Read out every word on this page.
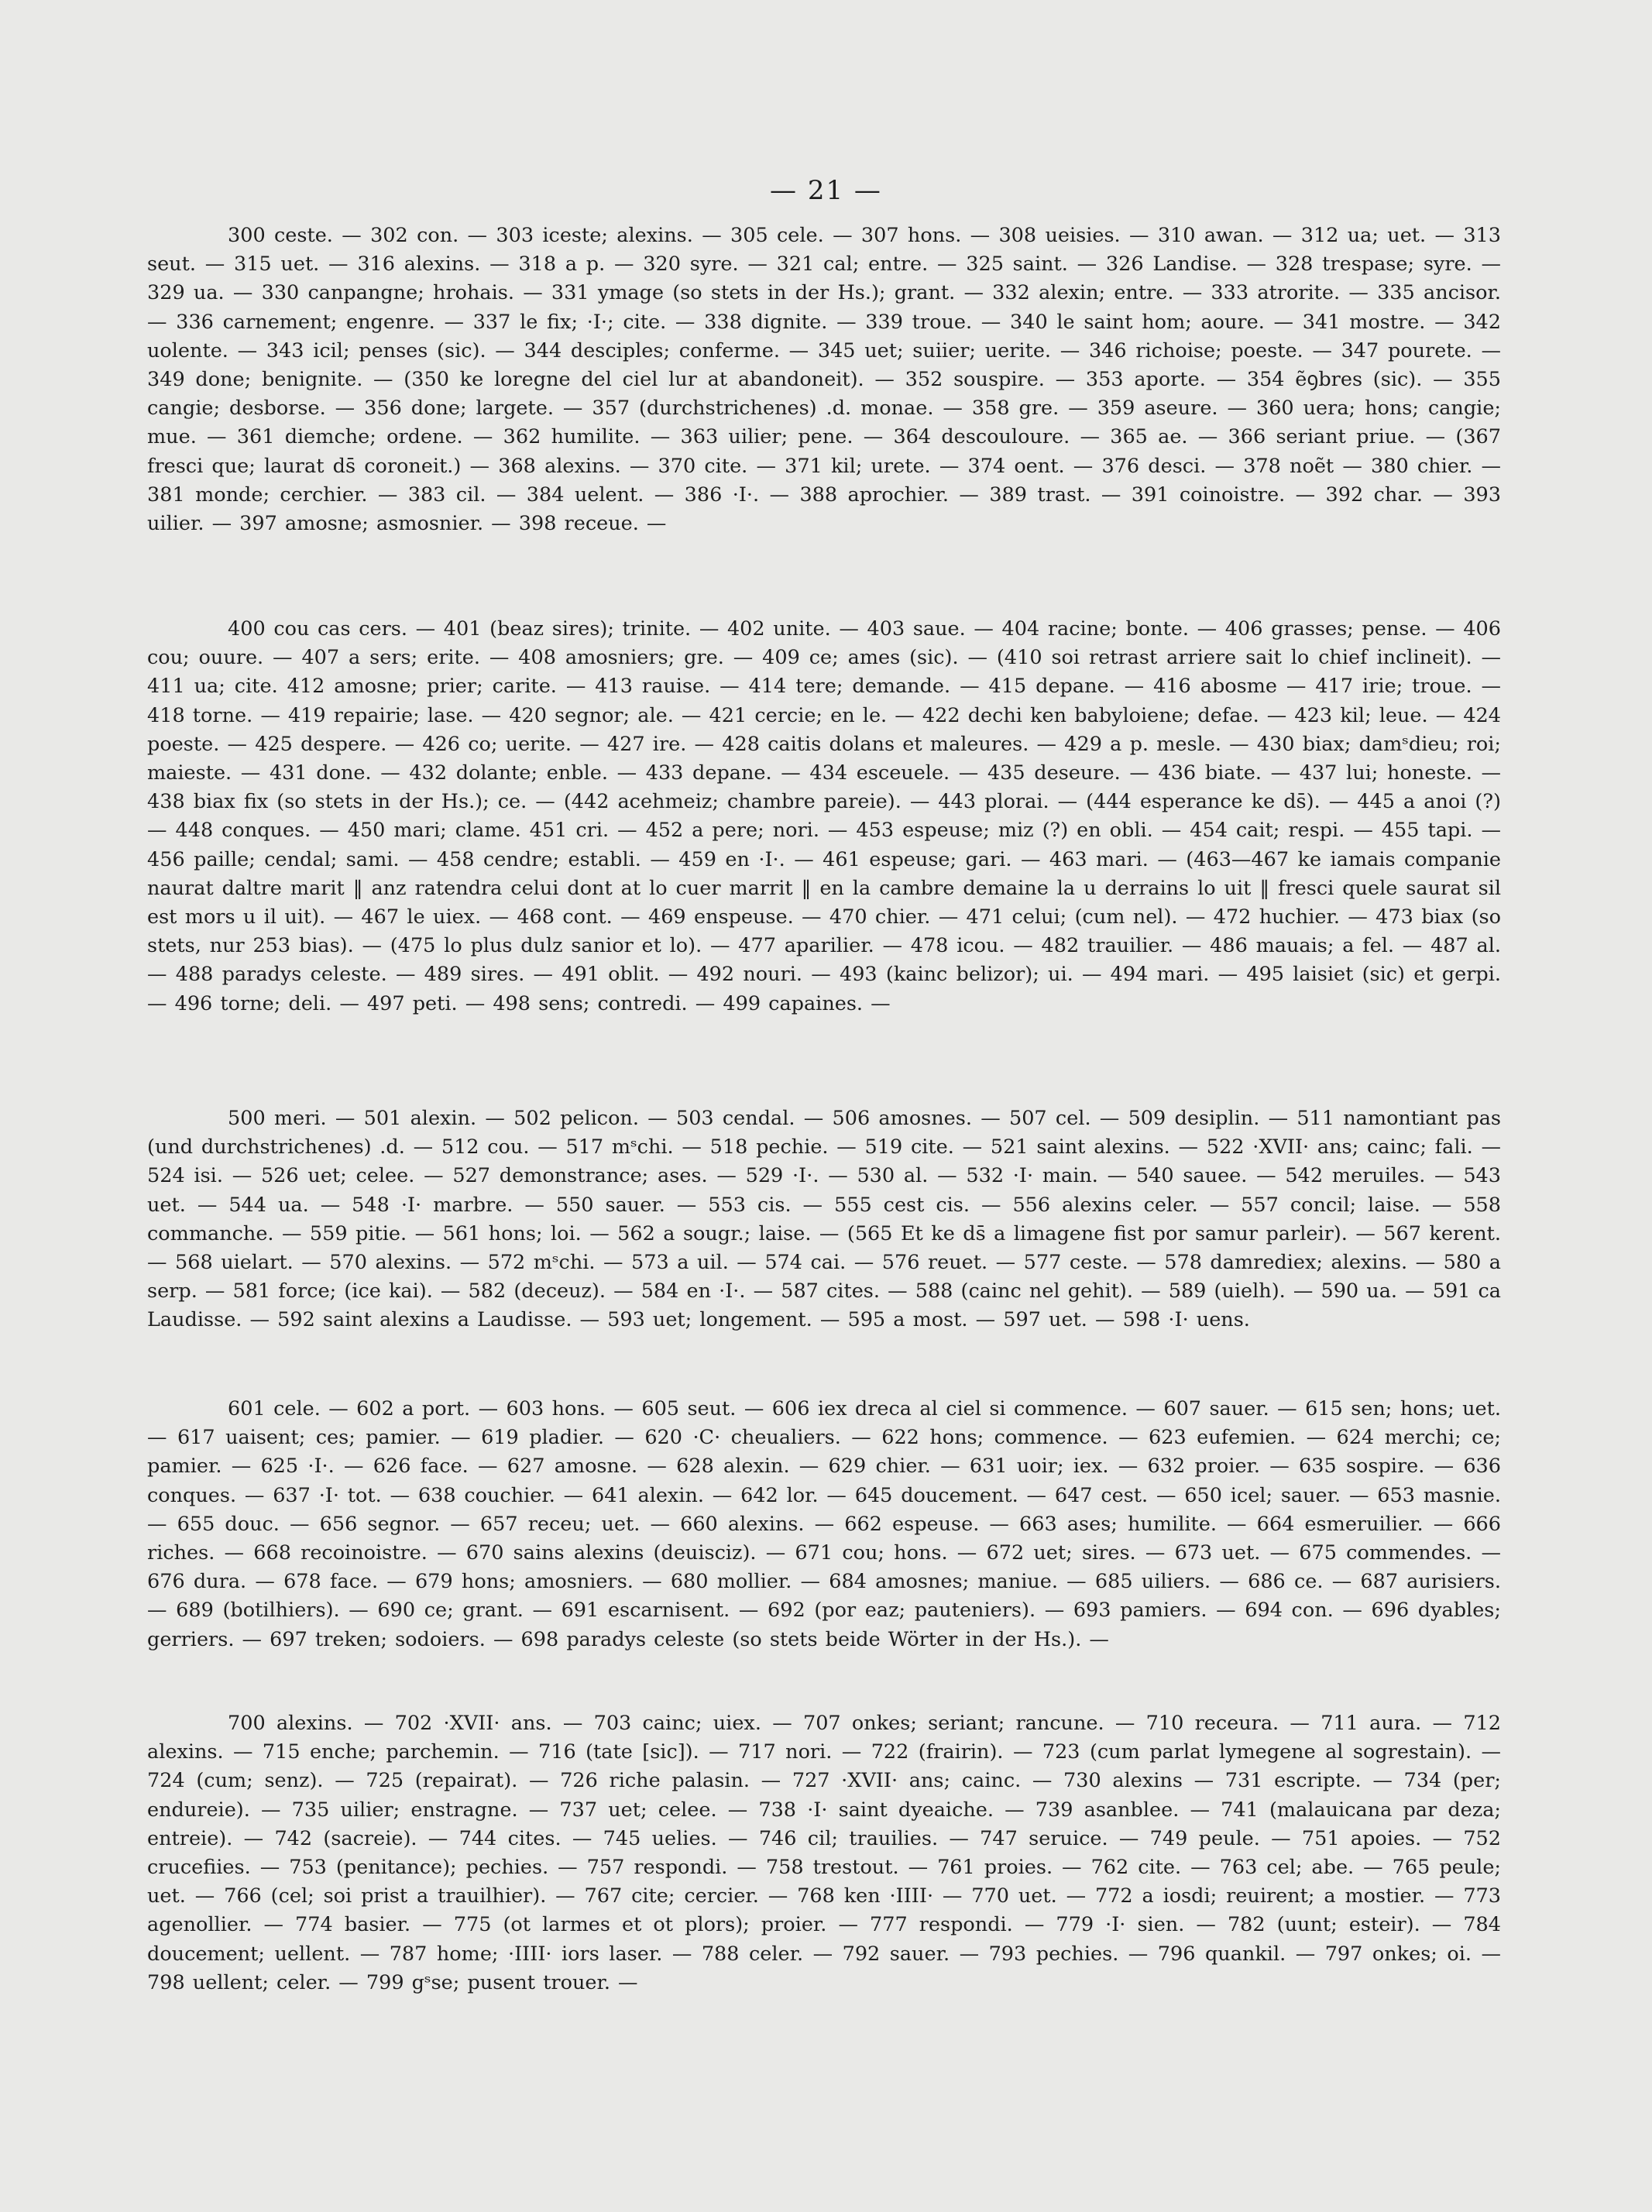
— 21 —

300 ceste. — 302 con. — 303 iceste; alexins. — 305 cele. — 307 hons. — 308 ueisies. — 310 awan. — 312 ua; uet. — 313 seut. — 315 uet. — 316 alexins. — 318 a p. — 320 syre. — 321 cal; entre. — 325 saint. — 326 Landise. — 328 trespase; syre. — 329 ua. — 330 canpangne; hrohais. — 331 ymage (so stets in der Hs.); grant. — 332 alexin; entre. — 333 atrorite. — 335 ancisor. — 336 carnement; engenre. — 337 le fix; ·I·; cite. — 338 dignite. — 339 troue. — 340 le saint hom; aoure. — 341 mostre. — 342 uolente. — 343 icil; penses (sic). — 344 desciples; conferme. — 345 uet; suiier; uerite. — 346 richoise; poeste. — 347 pourete. — 349 done; benignite. — (350 ke loregne del ciel lur at abandoneit). — 352 souspire. — 353 aporte. — 354 ẽꝯbres (sic). — 355 cangie; desborse. — 356 done; largete. — 357 (durchstrichenes) .d. monae. — 358 gre. — 359 aseure. — 360 uera; hons; cangie; mue. — 361 diemche; ordene. — 362 humilite. — 363 uilier; pene. — 364 descouloure. — 365 ae. — 366 seriant priue. — (367 fresci que; laurat ds̄ coroneit.) — 368 alexins. — 370 cite. — 371 kil; urete. — 374 oent. — 376 desci. — 378 noẽt — 380 chier. — 381 monde; cerchier. — 383 cil. — 384 uelent. — 386 ·I·. — 388 aprochier. — 389 trast. — 391 coinoistre. — 392 char. — 393 uilier. — 397 amosne; asmosnier. — 398 receue. —

400 cou cas cers. — 401 (beaz sires); trinite. — 402 unite. — 403 saue. — 404 racine; bonte. — 406 grasses; pense. — 406 cou; ouure. — 407 a sers; erite. — 408 amosniers; gre. — 409 ce; ames (sic). — (410 soi retrast arriere sait lo chief inclineit). — 411 ua; cite. 412 amosne; prier; carite. — 413 rauise. — 414 tere; demande. — 415 depane. — 416 abosme — 417 irie; troue. — 418 torne. — 419 repairie; lase. — 420 segnor; ale. — 421 cercie; en le. — 422 dechi ken babyloiene; defae. — 423 kil; leue. — 424 poeste. — 425 despere. — 426 co; uerite. — 427 ire. — 428 caitis dolans et maleures. — 429 a p. mesle. — 430 biax; damˢdieu; roi; maieste. — 431 done. — 432 dolante; enble. — 433 depane. — 434 esceuele. — 435 deseure. — 436 biate. — 437 lui; honeste. — 438 biax fix (so stets in der Hs.); ce. — (442 acehmeiz; chambre pareie). — 443 plorai. — (444 esperance ke ds̄). — 445 a anoi (?) — 448 conques. — 450 mari; clame. 451 cri. — 452 a pere; nori. — 453 espeuse; miz (?) en obli. — 454 cait; respi. — 455 tapi. — 456 paille; cendal; sami. — 458 cendre; establi. — 459 en ·I·. — 461 espeuse; gari. — 463 mari. — (463—467 ke iamais companie naurat daltre marit ‖ anz ratendra celui dont at lo cuer marrit ‖ en la cambre demaine la u derrains lo uit ‖ fresci quele saurat sil est mors u il uit). — 467 le uiex. — 468 cont. — 469 enspeuse. — 470 chier. — 471 celui; (cum nel). — 472 huchier. — 473 biax (so stets, nur 253 bias). — (475 lo plus dulz sanior et lo). — 477 aparilier. — 478 icou. — 482 trauilier. — 486 mauais; a fel. — 487 al. — 488 paradys celeste. — 489 sires. — 491 oblit. — 492 nouri. — 493 (kainc belizor); ui. — 494 mari. — 495 laisiet (sic) et gerpi. — 496 torne; deli. — 497 peti. — 498 sens; contredi. — 499 capaines. —

500 meri. — 501 alexin. — 502 pelicon. — 503 cendal. — 506 amosnes. — 507 cel. — 509 desiplin. — 511 namontiant pas (und durchstrichenes) .d. — 512 cou. — 517 mˢchi. — 518 pechie. — 519 cite. — 521 saint alexins. — 522 ·XVII· ans; cainc; fali. — 524 isi. — 526 uet; celee. — 527 demonstrance; ases. — 529 ·I·. — 530 al. — 532 ·I· main. — 540 sauee. — 542 meruiles. — 543 uet. — 544 ua. — 548 ·I· marbre. — 550 sauer. — 553 cis. — 555 cest cis. — 556 alexins celer. — 557 concil; laise. — 558 commanche. — 559 pitie. — 561 hons; loi. — 562 a sougr.; laise. — (565 Et ke ds̄ a limagene fist por samur parleir). — 567 kerent. — 568 uielart. — 570 alexins. — 572 mˢchi. — 573 a uil. — 574 cai. — 576 reuet. — 577 ceste. — 578 damrediex; alexins. — 580 a serp. — 581 force; (ice kai). — 582 (deceuz). — 584 en ·I·. — 587 cites. — 588 (cainc nel gehit). — 589 (uielh). — 590 ua. — 591 ca Laudisse. — 592 saint alexins a Laudisse. — 593 uet; longement. — 595 a most. — 597 uet. — 598 ·I· uens.

601 cele. — 602 a port. — 603 hons. — 605 seut. — 606 iex dreca al ciel si commence. — 607 sauer. — 615 sen; hons; uet. — 617 uaisent; ces; pamier. — 619 pladier. — 620 ·C· cheualiers. — 622 hons; commence. — 623 eufemien. — 624 merchi; ce; pamier. — 625 ·I·. — 626 face. — 627 amosne. — 628 alexin. — 629 chier. — 631 uoir; iex. — 632 proier. — 635 sospire. — 636 conques. — 637 ·I· tot. — 638 couchier. — 641 alexin. — 642 lor. — 645 doucement. — 647 cest. — 650 icel; sauer. — 653 masnie. — 655 douc. — 656 segnor. — 657 receu; uet. — 660 alexins. — 662 espeuse. — 663 ases; humilite. — 664 esmeruilier. — 666 riches. — 668 recoinoistre. — 670 sains alexins (deuisciz). — 671 cou; hons. — 672 uet; sires. — 673 uet. — 675 commendes. — 676 dura. — 678 face. — 679 hons; amosniers. — 680 mollier. — 684 amosnes; maniue. — 685 uiliers. — 686 ce. — 687 aurisiers. — 689 (botilhiers). — 690 ce; grant. — 691 escarnisent. — 692 (por eaz; pauteniers). — 693 pamiers. — 694 con. — 696 dyables; gerriers. — 697 treken; sodoiers. — 698 paradys celeste (so stets beide Wörter in der Hs.). —

700 alexins. — 702 ·XVII· ans. — 703 cainc; uiex. — 707 onkes; seriant; rancune. — 710 receura. — 711 aura. — 712 alexins. — 715 enche; parchemin. — 716 (tate [sic]). — 717 nori. — 722 (frairin). — 723 (cum parlat lymegene al sogrestain). — 724 (cum; senz). — 725 (repairat). — 726 riche palasin. — 727 ·XVII· ans; cainc. — 730 alexins — 731 escripte. — 734 (per; endureie). — 735 uilier; enstragne. — 737 uet; celee. — 738 ·I· saint dyeaiche. — 739 asanblee. — 741 (malauicana par deza; entreie). — 742 (sacreie). — 744 cites. — 745 uelies. — 746 cil; trauilies. — 747 seruice. — 749 peule. — 751 apoies. — 752 crucefiies. — 753 (penitance); pechies. — 757 respondi. — 758 trestout. — 761 proies. — 762 cite. — 763 cel; abe. — 765 peule; uet. — 766 (cel; soi prist a trauilhier). — 767 cite; cercier. — 768 ken ·IIII· — 770 uet. — 772 a iosdi; reuirent; a mostier. — 773 agenollier. — 774 basier. — 775 (ot larmes et ot plors); proier. — 777 respondi. — 779 ·I· sien. — 782 (uunt; esteir). — 784 doucement; uellent. — 787 home; ·IIII· iors laser. — 788 celer. — 792 sauer. — 793 pechies. — 796 quankil. — 797 onkes; oi. — 798 uellent; celer. — 799 gˢse; pusent trouer. —
